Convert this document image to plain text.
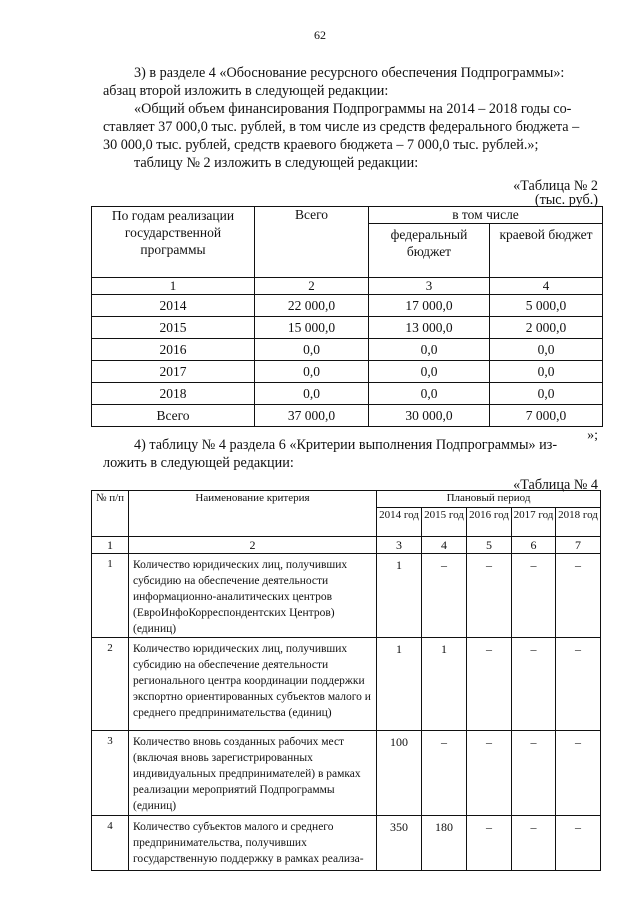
62
3) в разделе 4 «Обоснование ресурсного обеспечения Подпрограммы»:
абзац второй изложить в следующей редакции:
«Общий объем финансирования Подпрограммы на 2014 – 2018 годы со-
ставляет 37 000,0 тыс. рублей, в том числе из средств федерального бюджета –
30 000,0 тыс. рублей, средств краевого бюджета – 7 000,0 тыс. рублей.»;
таблицу № 2 изложить в следующей редакции:
«Таблица № 2
(тыс. руб.)
По годам реализации государственной программы	Всего	в том числе	
		федеральный бюджет	краевой бюджет
1	2	3	4
2014	22 000,0	17 000,0	5 000,0
2015	15 000,0	13 000,0	2 000,0
2016	0,0	0,0	0,0
2017	0,0	0,0	0,0
2018	0,0	0,0	0,0
Всего	37 000,0	30 000,0	7 000,0
»;
4) таблицу № 4 раздела 6 «Критерии выполнения Подпрограммы» из-
ложить в следующей редакции:
«Таблица № 4
№ п/п	Наименование критерия	Плановый период				
		2014 год	2015 год	2016 год	2017 год	2018 год
1	2	3	4	5	6	7
1	Количество юридических лиц, получивших субсидию на обеспечение деятельности информационно-аналитических центров (ЕвроИнфоКорреспондентских Центров) (единиц)	1	–	–	–	–
2	Количество юридических лиц, получивших субсидию на обеспечение деятельности регионального центра координации поддержки экспортно ориентированных субъектов малого и среднего предпринимательства (единиц)	1	1	–	–	–
3	Количество вновь созданных рабочих мест (включая вновь зарегистрированных индивидуальных предпринимателей) в рамках реализации мероприятий Подпрограммы (единиц)	100	–	–	–	–
4	Количество субъектов малого и среднего предпринимательства, получивших государственную поддержку в рамках реализа-	350	180	–	–	–
